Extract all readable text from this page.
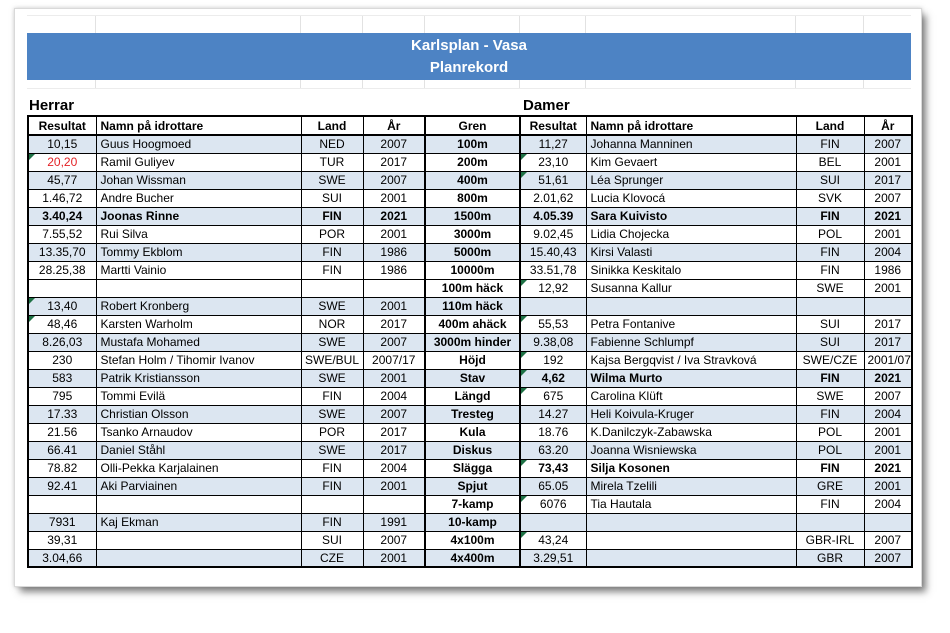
Karlsplan - Vasa
Planrekord
Herrar	Damer
Resultat	Namn på idrottare	Land	År	Gren	Resultat	Namn på idrottare	Land	År
10,15	Guus Hoogmoed	NED	2007	100m	11,27	Johanna Manninen	FIN	2007

20,20	Ramil Guliyev	TUR	2017	200m	23,10	Kim Gevaert	BEL	2001
45,77	Johan Wissman	SWE	2007	400m	51,61	Léa Sprunger	SUI	2017
1.46,72	Andre Bucher	SUI	2001	800m	2.01,62	Lucia Klovocá	SVK	2007
3.40,24	Joonas Rinne	FIN	2021	1500m	4.05.39	Sara Kuivisto	FIN	2021
7.55,52	Rui Silva	POR	2001	3000m	9.02,45	Lidia Chojecka	POL	2001
13.35,70	Tommy Ekblom	FIN	1986	5000m	15.40,43	Kirsi Valasti	FIN	2004
28.25,38	Martti Vainio	FIN	1986	10000m	33.51,78	Sinikka Keskitalo	FIN	1986
				100m häck	12,92	Susanna Kallur	SWE	2001

13,40	Robert Kronberg	SWE	2001	110m häck				

48,46	Karsten Warholm	NOR	2017	400m ahäck	55,53	Petra Fontanive	SUI	2017
8.26,03	Mustafa Mohamed	SWE	2007	3000m hinder	9.38,08	Fabienne Schlumpf	SUI	2017
230	Stefan Holm / Tihomir Ivanov	SWE/BUL	2007/17	Höjd	192	Kajsa Bergqvist / Iva Stravková	SWE/CZE	2001/07
583	Patrik Kristiansson	SWE	2001	Stav	4,62	Wilma Murto	FIN	2021
795	Tommi Evilä	FIN	2004	Längd	675	Carolina Klüft	SWE	2007
17.33	Christian Olsson	SWE	2007	Tresteg	14.27	Heli Koivula-Kruger	FIN	2004
21.56	Tsanko Arnaudov	POR	2017	Kula	18.76	K.Danilczyk-Zabawska	POL	2001
66.41	Daniel Ståhl	SWE	2017	Diskus	63.20	Joanna Wisniewska	POL	2001
78.82	Olli-Pekka Karjalainen	FIN	2004	Slägga	73,43	Silja Kosonen	FIN	2021
92.41	Aki Parviainen	FIN	2001	Spjut	65.05	Mirela Tzelili	GRE	2001
				7-kamp	6076	Tia Hautala	FIN	2004
7931	Kaj Ekman	FIN	1991	10-kamp				
39,31		SUI	2007	4x100m	43,24		GBR-IRL	2007
3.04,66		CZE	2001	4x400m	3.29,51		GBR	2007
